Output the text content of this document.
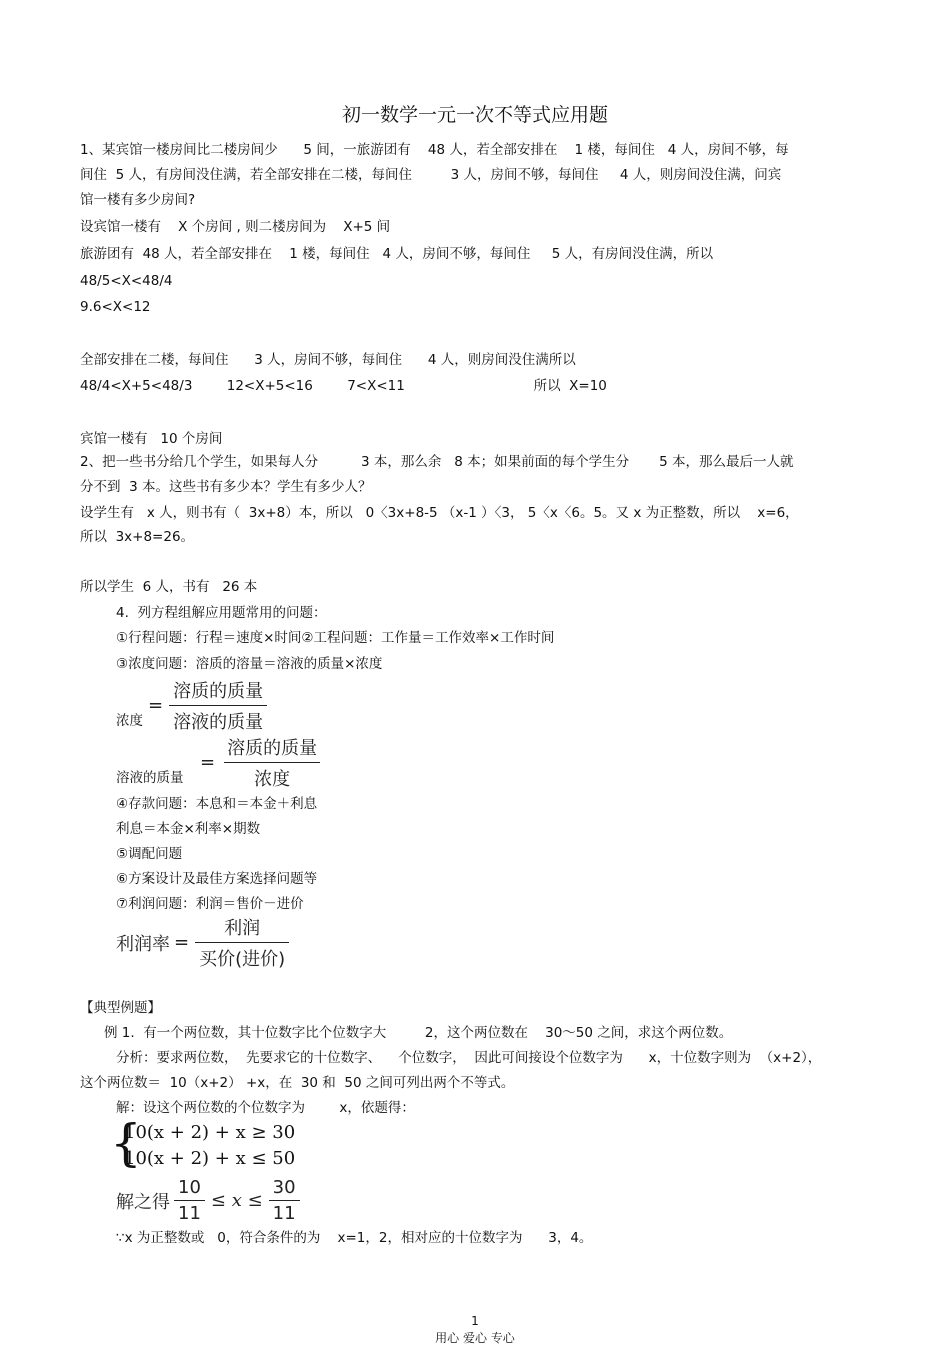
初一数学一元一次不等式应用题
1、某宾馆一楼房间比二楼房间少      5 间，一旅游团有    48 人，若全部安排在    1 楼，每间住   4 人，房间不够，每
间住  5 人，有房间没住满，若全部安排在二楼，每间住         3 人，房间不够，每间住     4 人，则房间没住满，问宾
馆一楼有多少房间?
设宾馆一楼有    X 个房间 , 则二楼房间为    X+5 间
旅游团有  48 人，若全部安排在    1 楼，每间住   4 人，房间不够，每间住     5 人，有房间没住满，所以
48/5<X<48/4
9.6<X<12
全部安排在二楼，每间住      3 人，房间不够，每间住      4 人，则房间没住满所以
48/4<X+5<48/3        12<X+5<16        7<X<11                              所以  X=10
宾馆一楼有   10 个房间
2、把一些书分给几个学生，如果每人分          3 本，那么余   8 本；如果前面的每个学生分       5 本，那么最后一人就
分不到  3 本。这些书有多少本？学生有多少人？
设学生有   x 人，则书有（  3x+8）本，所以   0〈3x+8-5 （x-1 ）〈3， 5〈x〈6。5。又 x 为正整数，所以    x=6，
所以  3x+8=26。
所以学生  6 人，书有   26 本
4.  列方程组解应用题常用的问题：
①行程问题：行程＝速度×时间②工程问题：工作量＝工作效率×工作时间
③浓度问题：溶质的溶量＝溶液的质量×浓度
浓度
= $\frac{\text{溶质的质量}}{\text{溶液的质量}}$
溶液的质量
= $\frac{\text{溶质的质量}}{\text{浓度}}$
④存款问题：本息和＝本金＋利息
利息＝本金×利率×期数
⑤调配问题
⑥方案设计及最佳方案选择问题等
⑦利润问题：利润＝售价－进价
利润率 = $\frac{\text{利润}}{\text{买价(进价)}}$
【典型例题】
例 1.  有一个两位数，其十位数字比个位数字大         2，这个两位数在    30～50 之间，求这个两位数。
分析：要求两位数，  先要求它的十位数字、    个位数字，  因此可间接设个位数字为      x，十位数字则为  （x+2），
这个两位数＝  10（x+2） +x，在  30 和  50 之间可列出两个不等式。
解：设这个两位数的个位数字为        x，依题得：
{
10(x + 2) + x ≥ 30
10(x + 2) + x ≤ 50
解之得 $\frac{10}{11} \le x \le \frac{30}{11}$
∵x 为正整数或   0，符合条件的为    x=1，2，相对应的十位数字为      3，4。
1
用心 爱心 专心
